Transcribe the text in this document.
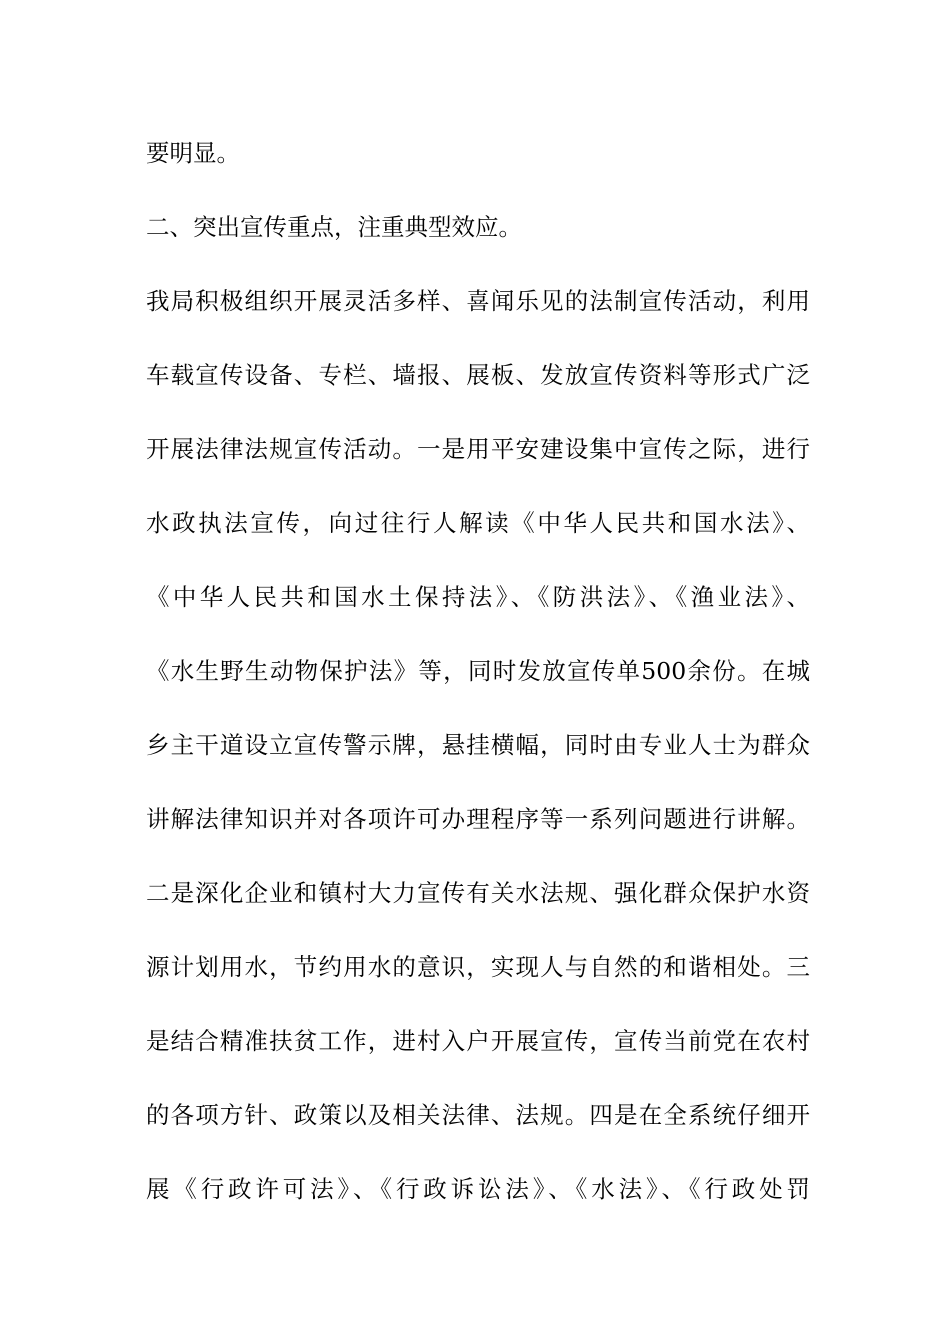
要明显。
二、突出宣传重点，注重典型效应。
我局积极组织开展灵活多样、喜闻乐见的法制宣传活动，利用
车载宣传设备、专栏、墙报、展板、发放宣传资料等形式广泛
开展法律法规宣传活动。一是用平安建设集中宣传之际，进行
水政执法宣传，向过往行人解读《中华人民共和国水法》、
《中华人民共和国水土保持法》、《防洪法》、《渔业法》、
《水生野生动物保护法》等，同时发放宣传单500余份。在城
乡主干道设立宣传警示牌，悬挂横幅，同时由专业人士为群众
讲解法律知识并对各项许可办理程序等一系列问题进行讲解。
二是深化企业和镇村大力宣传有关水法规、强化群众保护水资
源计划用水，节约用水的意识，实现人与自然的和谐相处。三
是结合精准扶贫工作，进村入户开展宣传，宣传当前党在农村
的各项方针、政策以及相关法律、法规。四是在全系统仔细开
展《行政许可法》、《行政诉讼法》、《水法》、《行政处罚
